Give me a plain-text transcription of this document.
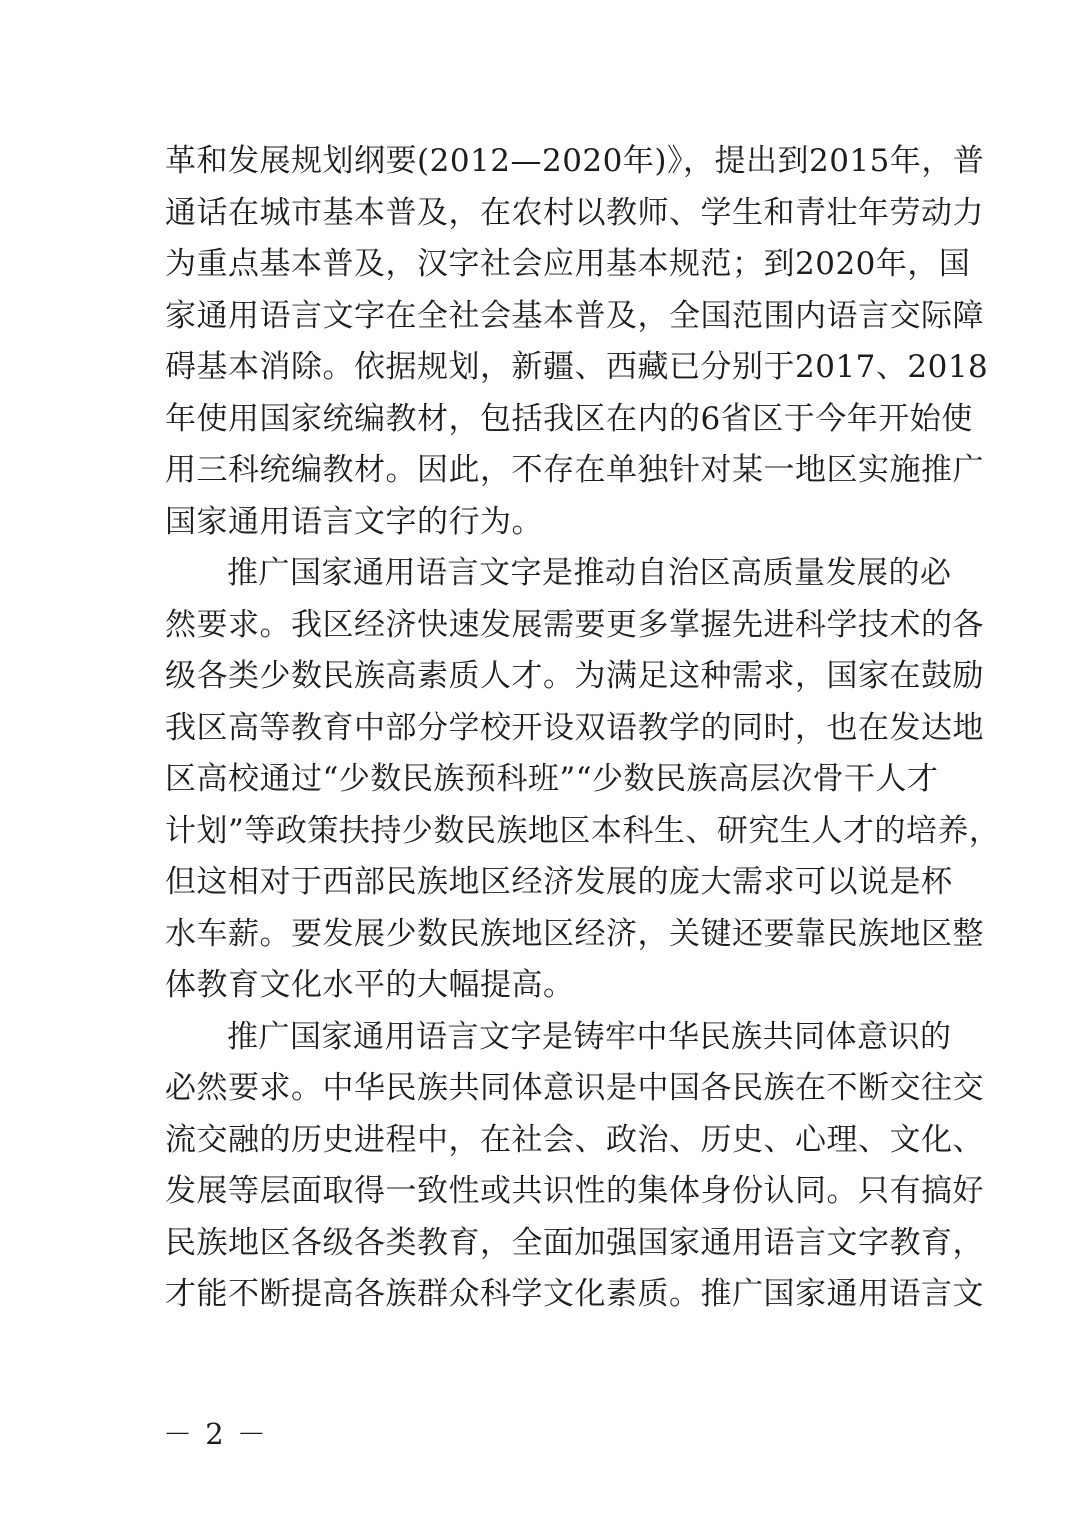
革和发展规划纲要(2012—2020年)》，提出到2015年，普
通话在城市基本普及，在农村以教师、学生和青壮年劳动力
为重点基本普及，汉字社会应用基本规范；到2020年，国
家通用语言文字在全社会基本普及，全国范围内语言交际障
碍基本消除。依据规划，新疆、西藏已分别于2017、2018
年使用国家统编教材，包括我区在内的6省区于今年开始使
用三科统编教材。因此，不存在单独针对某一地区实施推广
国家通用语言文字的行为。
推广国家通用语言文字是推动自治区高质量发展的必
然要求。我区经济快速发展需要更多掌握先进科学技术的各
级各类少数民族高素质人才。为满足这种需求，国家在鼓励
我区高等教育中部分学校开设双语教学的同时，也在发达地
区高校通过“少数民族预科班”“少数民族高层次骨干人才
计划”等政策扶持少数民族地区本科生、研究生人才的培养，
但这相对于西部民族地区经济发展的庞大需求可以说是杯
水车薪。要发展少数民族地区经济，关键还要靠民族地区整
体教育文化水平的大幅提高。
推广国家通用语言文字是铸牢中华民族共同体意识的
必然要求。中华民族共同体意识是中国各民族在不断交往交
流交融的历史进程中，在社会、政治、历史、心理、文化、
发展等层面取得一致性或共识性的集体身份认同。只有搞好
民族地区各级各类教育，全面加强国家通用语言文字教育，
才能不断提高各族群众科学文化素质。推广国家通用语言文
－ 2 －
